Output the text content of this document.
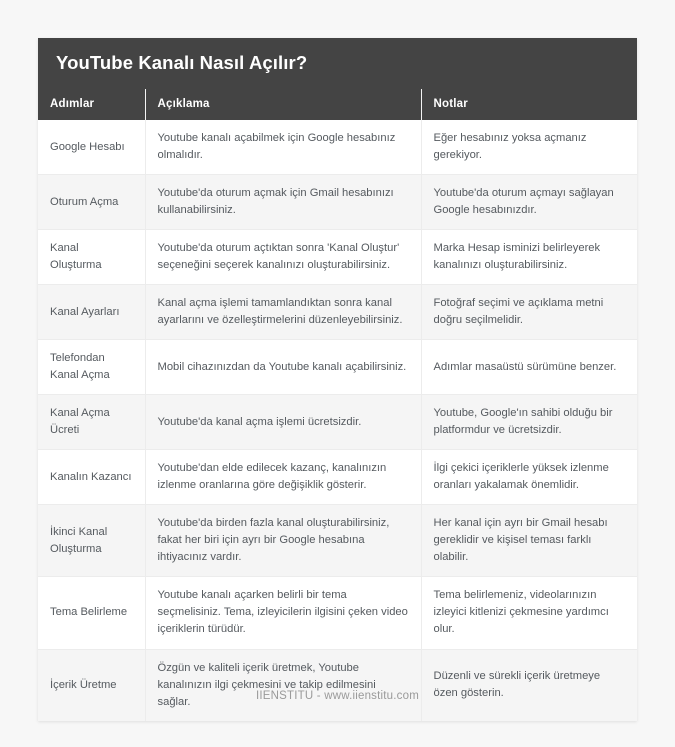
YouTube Kanalı Nasıl Açılır?
Adımlar	Açıklama	Notlar
Google Hesabı	Youtube kanalı açabilmek için Google hesabınız olmalıdır.	Eğer hesabınız yoksa açmanız gerekiyor.
Oturum Açma	Youtube'da oturum açmak için Gmail hesabınızı kullanabilirsiniz.	Youtube'da oturum açmayı sağlayan Google hesabınızdır.
Kanal Oluşturma	Youtube'da oturum açtıktan sonra 'Kanal Oluştur' seçeneğini seçerek kanalınızı oluşturabilirsiniz.	Marka Hesap isminizi belirleyerek kanalınızı oluşturabilirsiniz.
Kanal Ayarları	Kanal açma işlemi tamamlandıktan sonra kanal ayarlarını ve özelleştirmelerini düzenleyebilirsiniz.	Fotoğraf seçimi ve açıklama metni doğru seçilmelidir.
Telefondan Kanal Açma	Mobil cihazınızdan da Youtube kanalı açabilirsiniz.	Adımlar masaüstü sürümüne benzer.
Kanal Açma Ücreti	Youtube'da kanal açma işlemi ücretsizdir.	Youtube, Google'ın sahibi olduğu bir platformdur ve ücretsizdir.
Kanalın Kazancı	Youtube'dan elde edilecek kazanç, kanalınızın izlenme oranlarına göre değişiklik gösterir.	İlgi çekici içeriklerle yüksek izlenme oranları yakalamak önemlidir.
İkinci Kanal Oluşturma	Youtube'da birden fazla kanal oluşturabilirsiniz, fakat her biri için ayrı bir Google hesabına ihtiyacınız vardır.	Her kanal için ayrı bir Gmail hesabı gereklidir ve kişisel teması farklı olabilir.
Tema Belirleme	Youtube kanalı açarken belirli bir tema seçmelisiniz. Tema, izleyicilerin ilgisini çeken video içeriklerin türüdür.	Tema belirlemeniz, videolarınızın izleyici kitlenizi çekmesine yardımcı olur.
İçerik Üretme	Özgün ve kaliteli içerik üretmek, Youtube kanalınızın ilgi çekmesini ve takip edilmesini sağlar.	Düzenli ve sürekli içerik üretmeye özen gösterin.
IIENSTITU - www.iienstitu.com
